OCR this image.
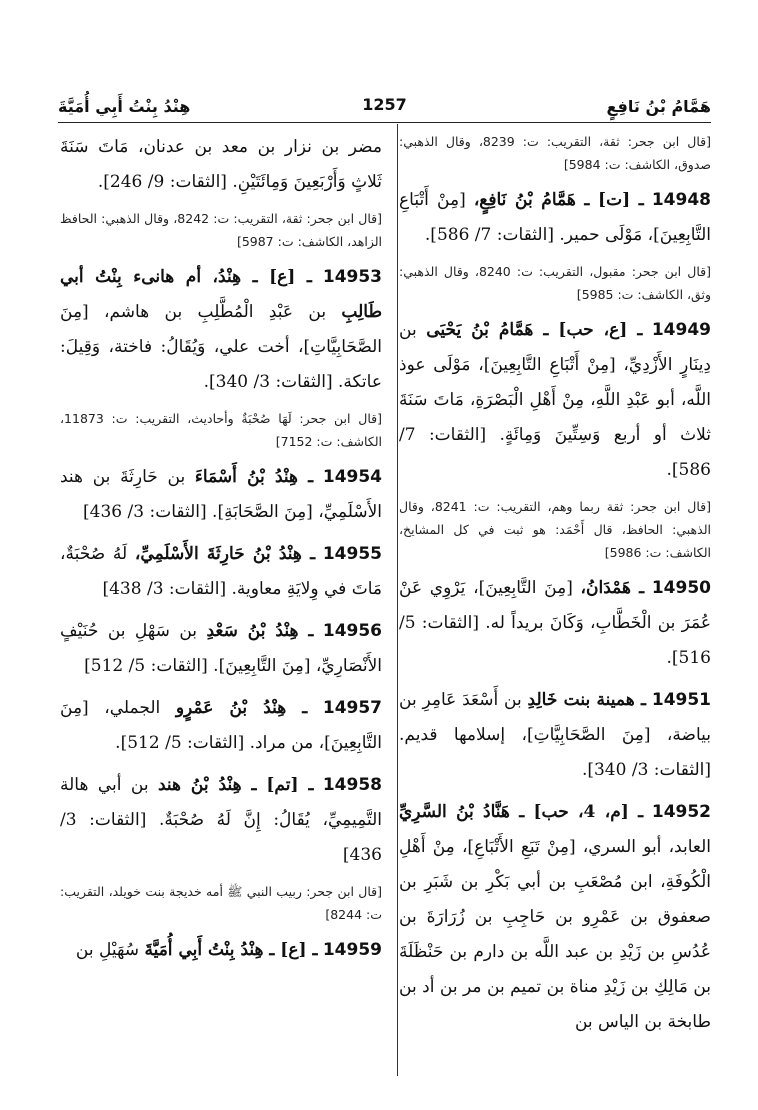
هَمَّامُ بْنُ نَافِعٍ
1257
هِنْدُ بِنْتُ أَبِي أُمَيَّةَ
[قال ابن جحر: ثقة، التقريب: ت: 8239، وقال الذهبي: صدوق، الكاشف: ت: 5984]
14948 ـ [ت] ـ هَمَّامُ بْنُ نَافِعٍ، [مِنْ أَتْبَاعِ التَّابِعِينَ]، مَوْلَى حمير. [الثقات: 7/ 586].
[قال ابن جحر: مقبول، التقريب: ت: 8240، وقال الذهبي: وثق، الكاشف: ت: 5985]
14949 ـ [ع، حب] ـ هَمَّامُ بْنُ يَحْيَى بن دِينَارٍ الأَزْدِيِّ، [مِنْ أَتْبَاعِ التَّابِعِينَ]، مَوْلَى عوذ اللَّه، أبو عَبْدِ اللَّهِ، مِنْ أَهْلِ الْبَصْرَةِ، مَاتَ سَنَةَ ثلاث أو أربع وَسِتِّينَ وَمِائَةٍ. [الثقات: 7/ 586].
[قال ابن جحر: ثقة ربما وهم، التقريب: ت: 8241، وقال الذهبي: الحافظ، قال أَحْمَد: هو ثبت في كل المشايخ، الكاشف: ت: 5986]
14950 ـ هَمْدَانُ، [مِنَ التَّابِعِينَ]، يَرْوِي عَنْ عُمَرَ بن الْخَطَّابِ، وَكَانَ بريداً له. [الثقات: 5/ 516].
14951 ـ همينة بنت خَالِدِ بن أَسْعَدَ عَامِرِ بن بياضة، [مِنَ الصَّحَابِيَّاتِ]، إسلامها قديم. [الثقات: 3/ 340].
14952 ـ [م، 4، حب] ـ هَنَّادُ بْنُ السَّرِيِّ العابد، أبو السري، [مِنْ تَبَعِ الأَتْبَاعِ]، مِنْ أَهْلِ الْكُوفَةِ، ابن مُصْعَبِ بن أبي بَكْرِ بن شَبَرِ بن صعفوق بن عَمْرِو بن حَاجِبِ بن زُرَارَةَ بن عُدُسِ بن زَيْدِ بن عبد اللَّه بن دارم بن حَنْظَلَةَ بن مَالِكِ بن زَيْدِ مناة بن تميم بن مر بن أد بن طابخة بن الياس بن
مضر بن نزار بن معد بن عدنان، مَاتَ سَنَةَ ثَلاثٍ وَأَرْبَعِينَ وَمِائَتَيْنِ. [الثقات: 9/ 246].
[قال ابن جحر: ثقة، التقريب: ت: 8242، وقال الذهبي: الحافظ الزاهد، الكاشف: ت: 5987]
14953 ـ [ع] ـ هِنْدُ، أم هانىء بِنْتُ أبي طَالِبِ بن عَبْدِ الْمُطَّلِبِ بن هاشم، [مِنَ الصَّحَابِيَّاتِ]، أخت علي، وَيُقَالُ: فاختة، وَقِيلَ: عاتكة. [الثقات: 3/ 340].
[قال ابن جحر: لَهَا صُحْبَةٌ وأحاديث، التقريب: ت: 11873، الكاشف: ت: 7152]
14954 ـ هِنْدُ بْنُ أَسْمَاءَ بن حَارِثَةَ بن هند الأَسْلَمِيِّ، [مِنَ الصَّحَابَةِ]. [الثقات: 3/ 436]
14955 ـ هِنْدُ بْنُ حَارِثَةَ الأَسْلَمِيِّ، لَهُ صُحْبَةٌ، مَاتَ في وِلايَةِ معاوية. [الثقات: 3/ 438]
14956 ـ هِنْدُ بْنُ سَعْدِ بن سَهْلِ بن حُنَيْفٍ الأَنْصَارِيِّ، [مِنَ التَّابِعِينَ]. [الثقات: 5/ 512]
14957 ـ هِنْدُ بْنُ عَمْرٍو الجملي، [مِنَ التَّابِعِينَ]، من مراد. [الثقات: 5/ 512].
14958 ـ [تم] ـ هِنْدُ بْنُ هند بن أبي هالة التَّمِيمِيِّ، يُقَالُ: إِنَّ لَهُ صُحْبَةٌ. [الثقات: 3/ 436]
[قال ابن جحر: ربيب النبي ﷺ أمه خديجة بنت خويلد، التقريب: ت: 8244]
14959 ـ [ع] ـ هِنْدُ بِنْتُ أَبِي أُمَيَّةَ سُهَيْلِ بن
